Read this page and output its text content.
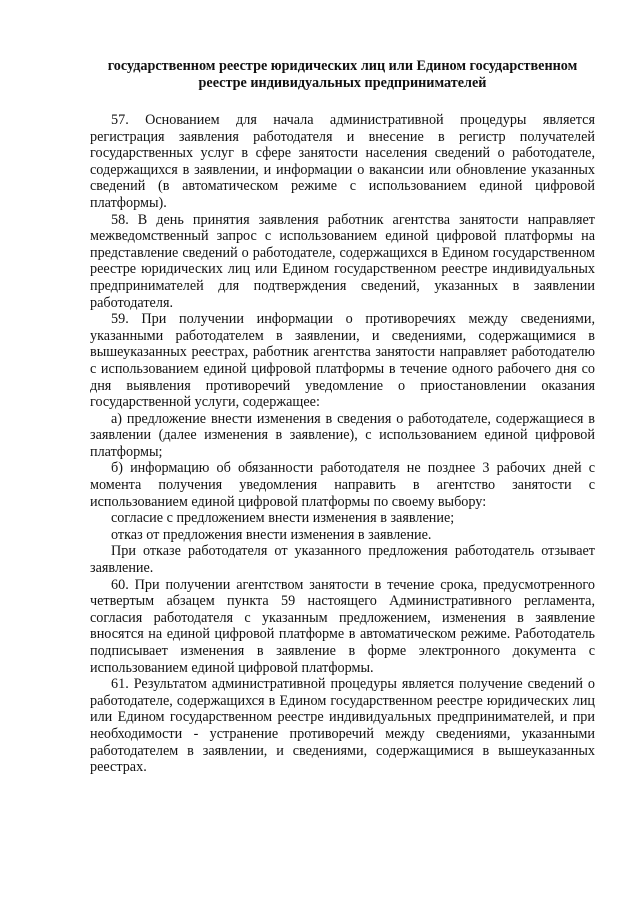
государственном реестре юридических лиц или Едином государственном
реестре индивидуальных предпринимателей

57. Основанием для начала административной процедуры является регистрация заявления работодателя и внесение в регистр получателей государственных услуг в сфере занятости населения сведений о работодателе, содержащихся в заявлении, и информации о вакансии или обновление указанных сведений (в автоматическом режиме с использованием единой цифровой платформы).

58. В день принятия заявления работник агентства занятости направляет межведомственный запрос с использованием единой цифровой платформы на представление сведений о работодателе, содержащихся в Едином государственном реестре юридических лиц или Едином государственном реестре индивидуальных предпринимателей для подтверждения сведений, указанных в заявлении работодателя.

59. При получении информации о противоречиях между сведениями, указанными работодателем в заявлении, и сведениями, содержащимися в вышеуказанных реестрах, работник агентства занятости направляет работодателю с использованием единой цифровой платформы в течение одного рабочего дня со дня выявления противоречий уведомление о приостановлении оказания государственной услуги, содержащее:

а) предложение внести изменения в сведения о работодателе, содержащиеся в заявлении (далее изменения в заявление), с использованием единой цифровой платформы;

б) информацию об обязанности работодателя не позднее 3 рабочих дней с момента получения уведомления направить в агентство занятости с использованием единой цифровой платформы по своему выбору:

согласие с предложением внести изменения в заявление;

отказ от предложения внести изменения в заявление.

При отказе работодателя от указанного предложения работодатель отзывает заявление.

60. При получении агентством занятости в течение срока, предусмотренного четвертым абзацем пункта 59 настоящего Административного регламента, согласия работодателя с указанным предложением, изменения в заявление вносятся на единой цифровой платформе в автоматическом режиме. Работодатель подписывает изменения в заявление в форме электронного документа с использованием единой цифровой платформы.

61. Результатом административной процедуры является получение сведений о работодателе, содержащихся в Едином государственном реестре юридических лиц или Едином государственном реестре индивидуальных предпринимателей, и при необходимости - устранение противоречий между сведениями, указанными работодателем в заявлении, и сведениями, содержащимися в вышеуказанных реестрах.
